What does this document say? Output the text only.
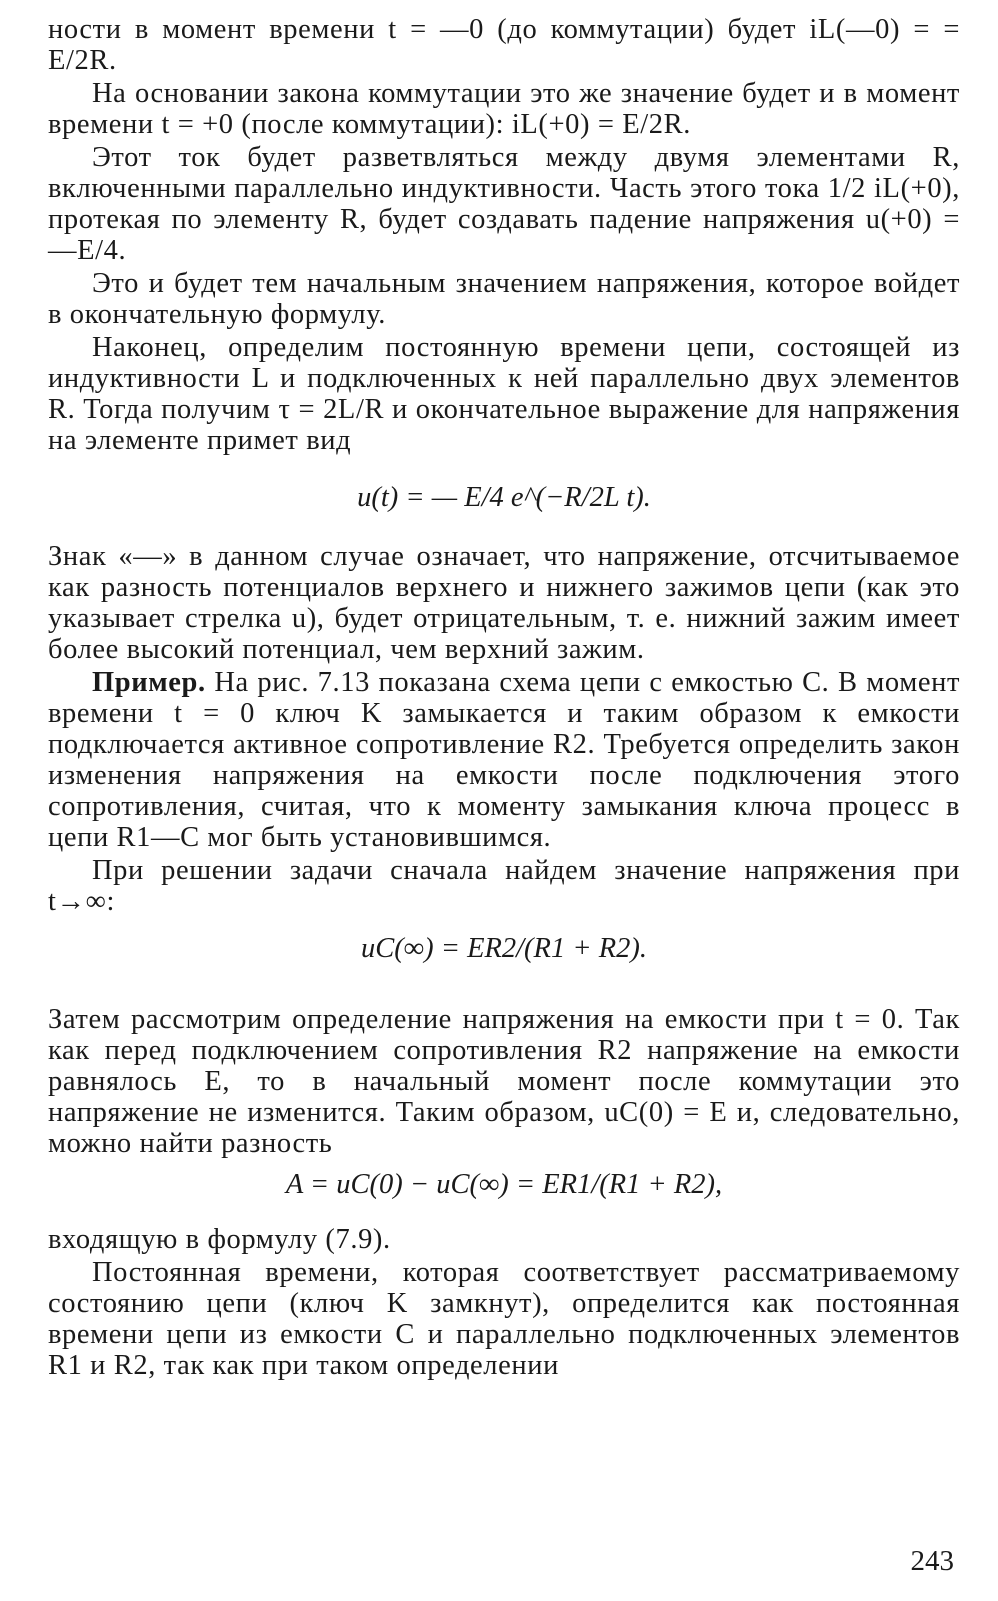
ности в момент времени t = —0 (до коммутации) будет iL(—0) = = E/2R.

На основании закона коммутации это же значение будет и в момент времени t = +0 (после коммутации): iL(+0) = E/2R.

Этот ток будет разветвляться между двумя элементами R, включенными параллельно индуктивности. Часть этого тока 1/2 iL(+0), протекая по элементу R, будет создавать падение напряжения u(+0) = —E/4.

Это и будет тем начальным значением напряжения, которое войдет в окончательную формулу.

Наконец, определим постоянную времени цепи, состоящей из индуктивности L и подключенных к ней параллельно двух элементов R. Тогда получим τ = 2L/R и окончательное выражение для напряжения на элементе примет вид

u(t) = — E/4 e^(−R/2L t).

Знак «—» в данном случае означает, что напряжение, отсчитываемое как разность потенциалов верхнего и нижнего зажимов цепи (как это указывает стрелка u), будет отрицательным, т. е. нижний зажим имеет более высокий потенциал, чем верхний зажим.

Пример. На рис. 7.13 показана схема цепи с емкостью C. В момент времени t = 0 ключ K замыкается и таким образом к емкости подключается активное сопротивление R2. Требуется определить закон изменения напряжения на емкости после подключения этого сопротивления, считая, что к моменту замыкания ключа процесс в цепи R1—C мог быть установившимся.

При решении задачи сначала найдем значение напряжения при t→∞:

uC(∞) = ER2/(R1 + R2).

Затем рассмотрим определение напряжения на емкости при t = 0. Так как перед подключением сопротивления R2 напряжение на емкости равнялось E, то в начальный момент после коммутации это напряжение не изменится. Таким образом, uC(0) = E и, следовательно, можно найти разность

A = uC(0) − uC(∞) = ER1/(R1 + R2),

входящую в формулу (7.9).

Постоянная времени, которая соответствует рассматриваемому состоянию цепи (ключ K замкнут), определится как постоянная времени цепи из емкости C и параллельно подключенных элементов R1 и R2, так как при таком определении

243
